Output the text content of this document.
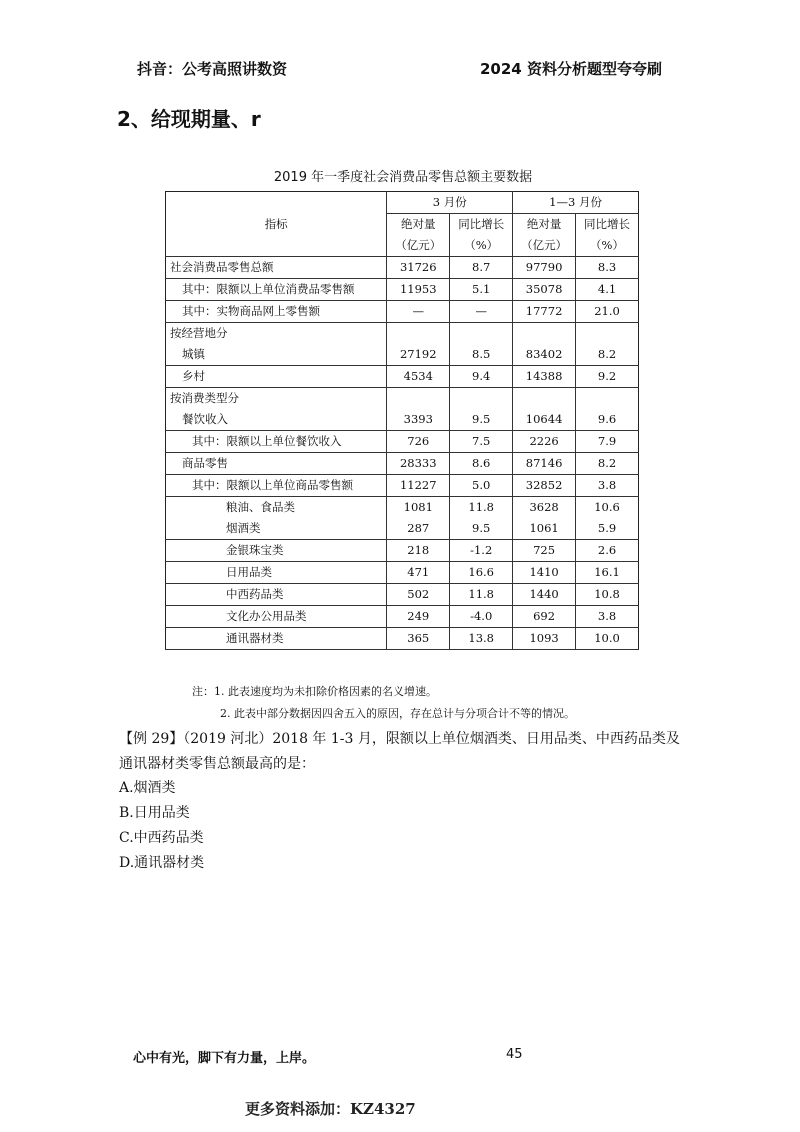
抖音：公考高照讲数资	2024 资料分析题型夸夸刷
2、给现期量、r
2019 年一季度社会消费品零售总额主要数据
指标	3 月份		1—3 月份	
	绝对量	同比增长	绝对量	同比增长
	（亿元）	（%）	（亿元）	（%）
社会消费品零售总额	31726	8.7	97790	8.3
其中：限额以上单位消费品零售额	11953	5.1	35078	4.1
其中：实物商品网上零售额	—	—	17772	21.0
按经营地分				
城镇	27192	8.5	83402	8.2
乡村	4534	9.4	14388	9.2
按消费类型分				
餐饮收入	3393	9.5	10644	9.6
其中：限额以上单位餐饮收入	726	7.5	2226	7.9
商品零售	28333	8.6	87146	8.2
其中：限额以上单位商品零售额	11227	5.0	32852	3.8
粮油、食品类	1081	11.8	3628	10.6
烟酒类	287	9.5	1061	5.9
金银珠宝类	218	-1.2	725	2.6
日用品类	471	16.6	1410	16.1
中西药品类	502	11.8	1440	10.8
文化办公用品类	249	-4.0	692	3.8
通讯器材类	365	13.8	1093	10.0
注：1. 此表速度均为未扣除价格因素的名义增速。
2. 此表中部分数据因四舍五入的原因，存在总计与分项合计不等的情况。
【例 29】（2019 河北）2018 年 1-3 月，限额以上单位烟酒类、日用品类、中西药品类及通讯器材类零售总额最高的是：
A.烟酒类
B.日用品类
C.中西药品类
D.通讯器材类
心中有光，脚下有力量，上岸。	45
更多资料添加：KZ4327
